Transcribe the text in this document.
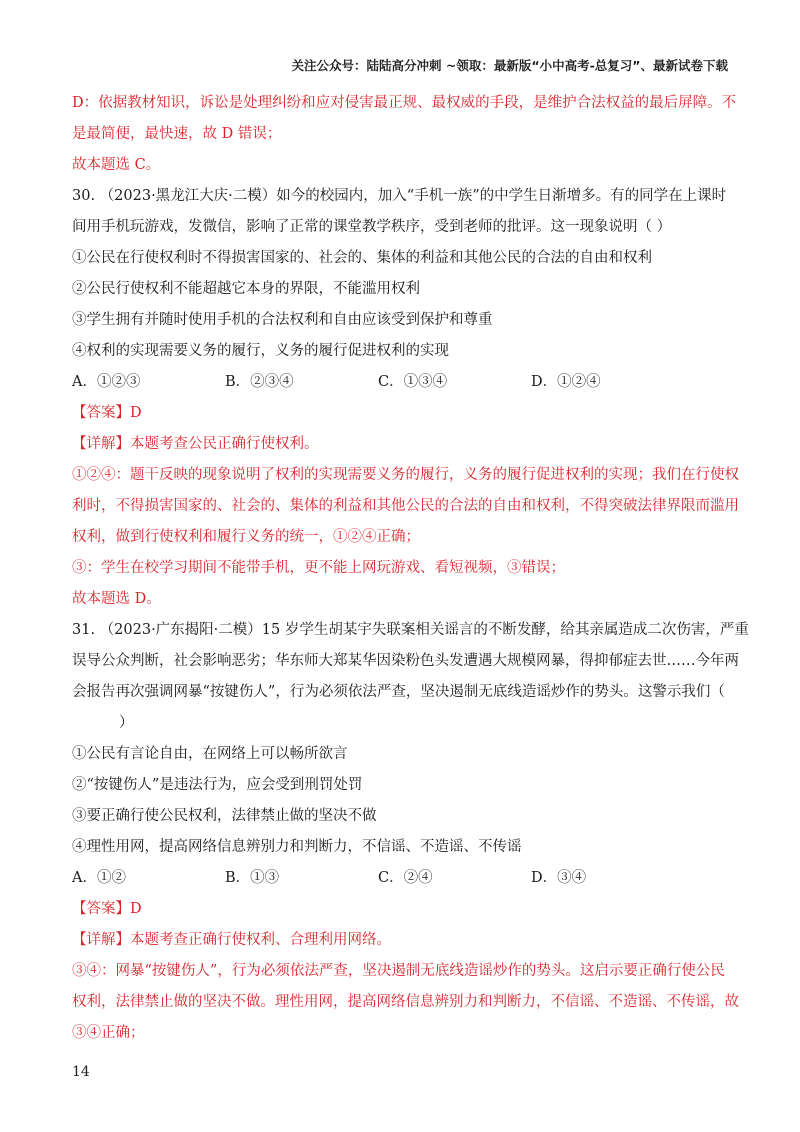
关注公众号：陆陆高分冲刺 ~领取：最新版“小中高考-总复习”、最新试卷下载
D：依据教材知识，诉讼是处理纠纷和应对侵害最正规、最权威的手段，是维护合法权益的最后屏障。不
是最简便，最快速，故 D 错误；
故本题选 C。
30. （2023·黑龙江大庆·二模）如今的校园内，加入“手机一族”的中学生日渐增多。有的同学在上课时
间用手机玩游戏，发微信，影响了正常的课堂教学秩序，受到老师的批评。这一现象说明（ ）
①公民在行使权利时不得损害国家的、社会的、集体的利益和其他公民的合法的自由和权利
②公民行使权利不能超越它本身的界限，不能滥用权利
③学生拥有并随时使用手机的合法权利和自由应该受到保护和尊重
④权利的实现需要义务的履行，义务的履行促进权利的实现
A．①②③	B．②③④	C．①③④	D．①②④
【答案】D
【详解】本题考查公民正确行使权利。
①②④：题干反映的现象说明了权利的实现需要义务的履行，义务的履行促进权利的实现；我们在行使权
利时，不得损害国家的、社会的、集体的利益和其他公民的合法的自由和权利，不得突破法律界限而滥用
权利，做到行使权利和履行义务的统一，①②④正确；
③：学生在校学习期间不能带手机，更不能上网玩游戏、看短视频，③错误；
故本题选 D。
31. （2023·广东揭阳·二模）15 岁学生胡某宇失联案相关谣言的不断发酵，给其亲属造成二次伤害，严重
误导公众判断，社会影响恶劣；华东师大郑某华因染粉色头发遭遇大规模网暴，得抑郁症去世……今年两
会报告再次强调网暴“按键伤人”，行为必须依法严查，坚决遏制无底线造谣炒作的势头。这警示我们（
）
①公民有言论自由，在网络上可以畅所欲言
②“按键伤人”是违法行为，应会受到刑罚处罚
③要正确行使公民权利，法律禁止做的坚决不做
④理性用网，提高网络信息辨别力和判断力，不信谣、不造谣、不传谣
A．①②	B．①③	C．②④	D．③④
【答案】D
【详解】本题考查正确行使权利、合理利用网络。
③④：网暴“按键伤人”，行为必须依法严查，坚决遏制无底线造谣炒作的势头。这启示要正确行使公民
权利，法律禁止做的坚决不做。理性用网，提高网络信息辨别力和判断力，不信谣、不造谣、不传谣，故
③④正确；
14
